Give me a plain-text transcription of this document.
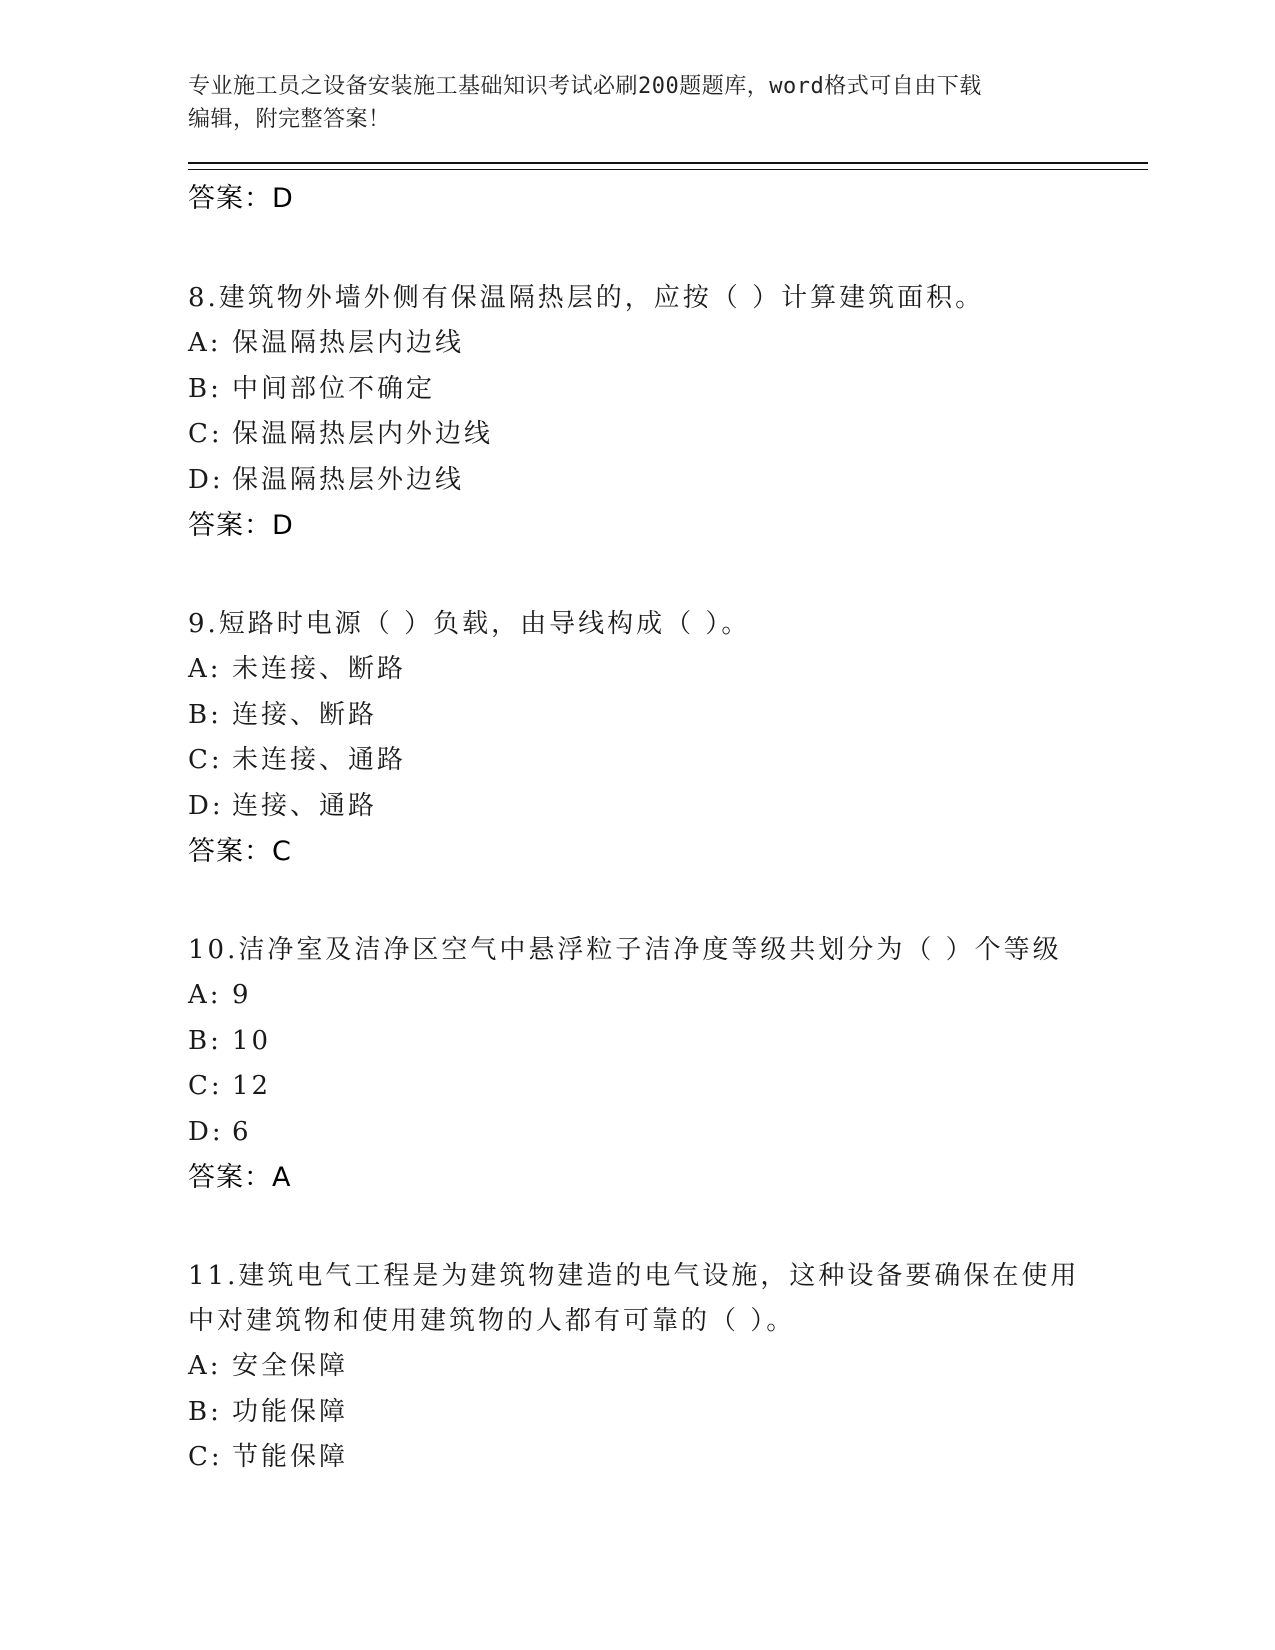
专业施工员之设备安装施工基础知识考试必刷200题题库，word格式可自由下载
编辑，附完整答案！
答案：D
8.建筑物外墙外侧有保温隔热层的，应按（ ）计算建筑面积。
A: 保温隔热层内边线
B: 中间部位不确定
C: 保温隔热层内外边线
D: 保温隔热层外边线
答案：D
9.短路时电源（ ）负载，由导线构成（ ）。
A: 未连接、断路
B: 连接、断路
C: 未连接、通路
D: 连接、通路
答案：C
10.洁净室及洁净区空气中悬浮粒子洁净度等级共划分为（ ）个等级
A: 9
B: 10
C: 12
D: 6
答案：A
11.建筑电气工程是为建筑物建造的电气设施，这种设备要确保在使用
中对建筑物和使用建筑物的人都有可靠的（ ）。
A: 安全保障
B: 功能保障
C: 节能保障
